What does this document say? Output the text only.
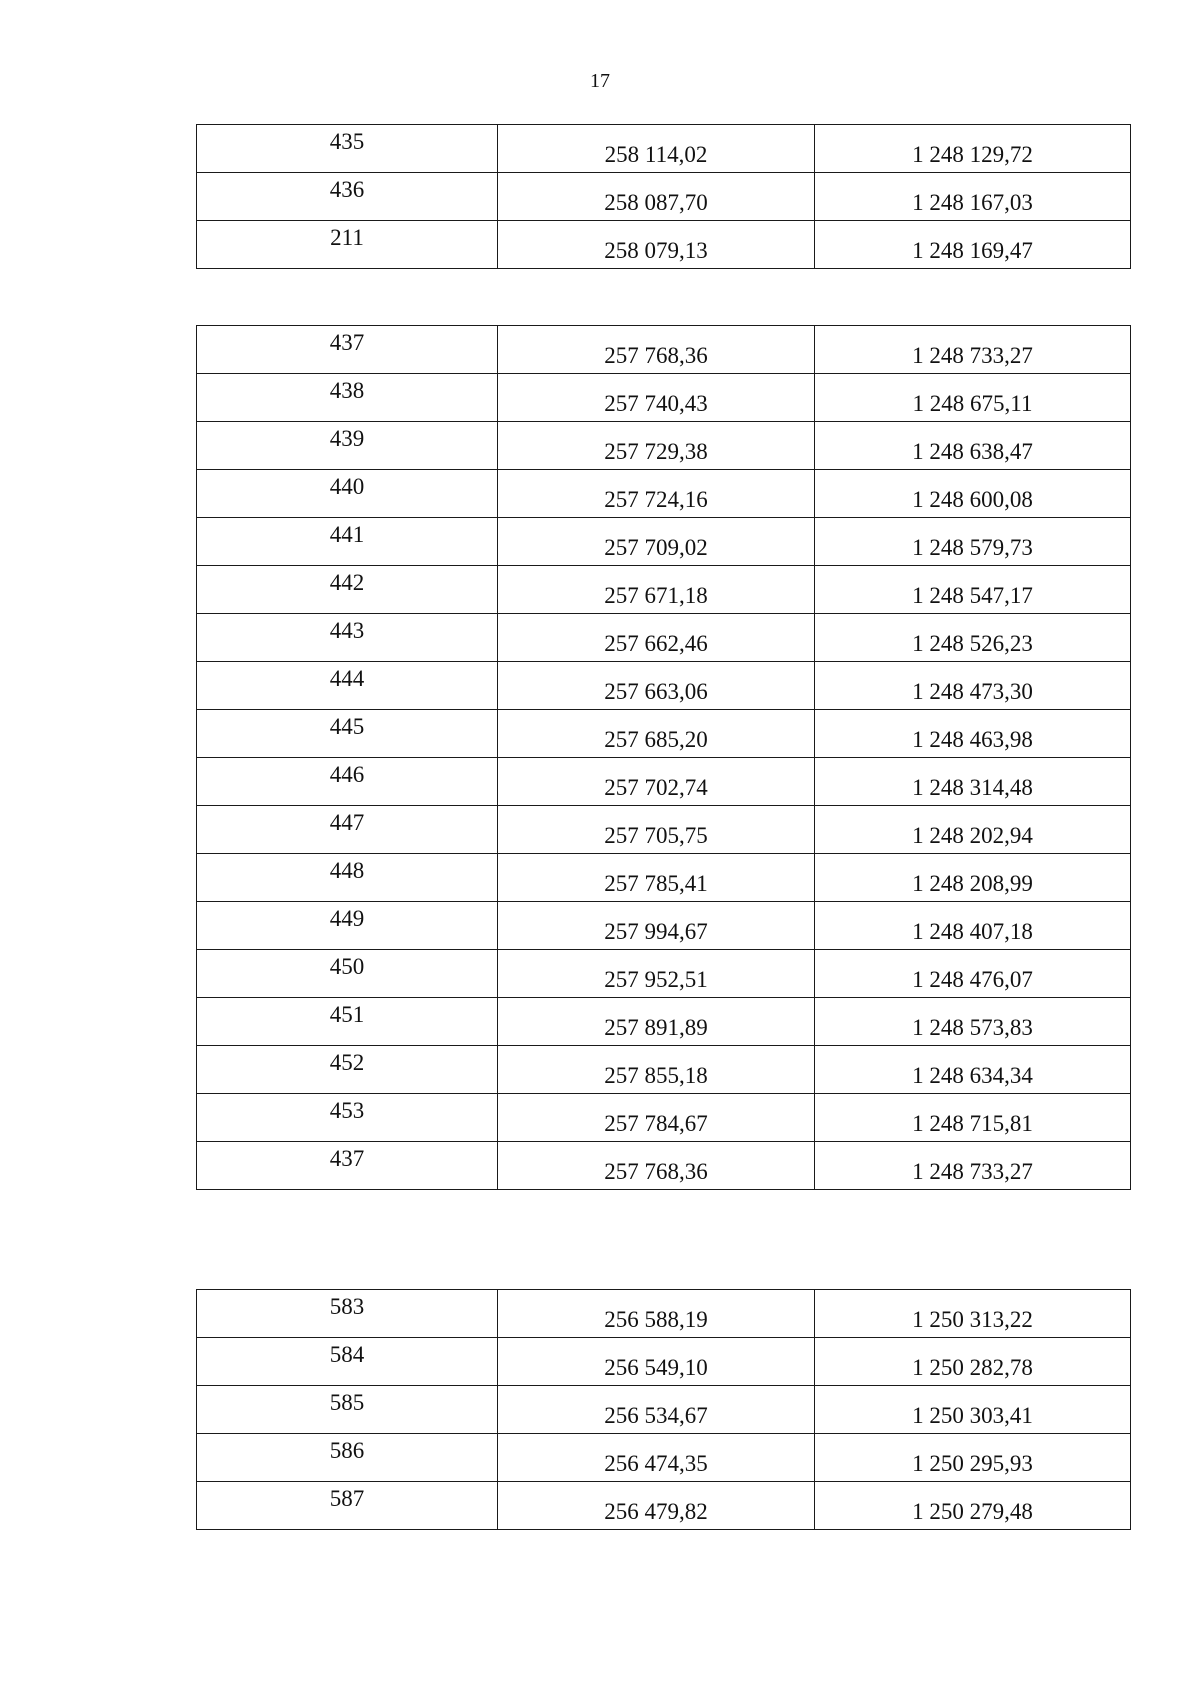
17
435	258 114,02	1 248 129,72
436	258 087,70	1 248 167,03
211	258 079,13	1 248 169,47
437	257 768,36	1 248 733,27
438	257 740,43	1 248 675,11
439	257 729,38	1 248 638,47
440	257 724,16	1 248 600,08
441	257 709,02	1 248 579,73
442	257 671,18	1 248 547,17
443	257 662,46	1 248 526,23
444	257 663,06	1 248 473,30
445	257 685,20	1 248 463,98
446	257 702,74	1 248 314,48
447	257 705,75	1 248 202,94
448	257 785,41	1 248 208,99
449	257 994,67	1 248 407,18
450	257 952,51	1 248 476,07
451	257 891,89	1 248 573,83
452	257 855,18	1 248 634,34
453	257 784,67	1 248 715,81
437	257 768,36	1 248 733,27
583	256 588,19	1 250 313,22
584	256 549,10	1 250 282,78
585	256 534,67	1 250 303,41
586	256 474,35	1 250 295,93
587	256 479,82	1 250 279,48
